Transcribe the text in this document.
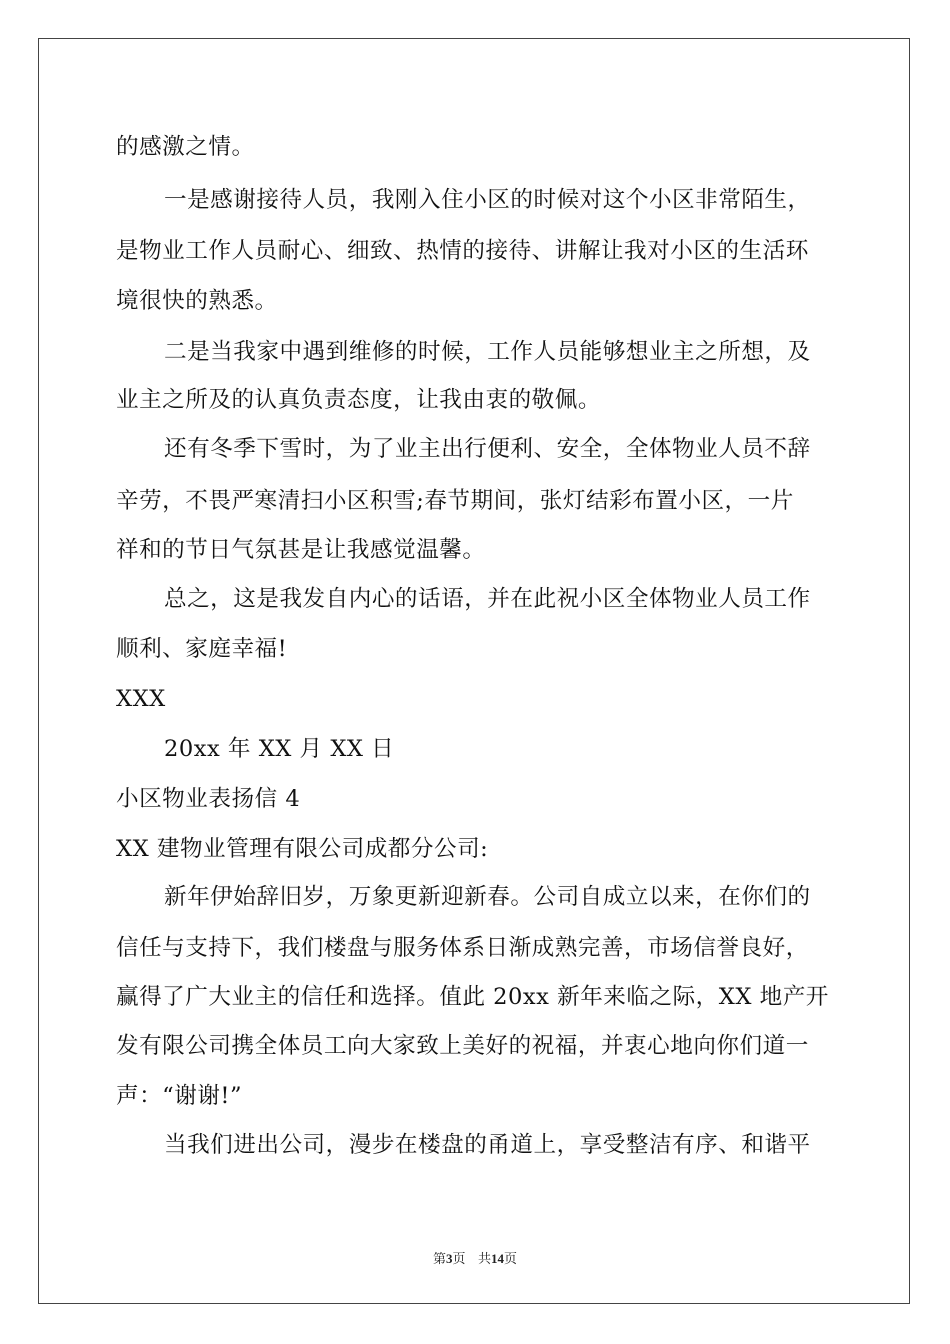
的感激之情。
一是感谢接待人员，我刚入住小区的时候对这个小区非常陌生，
是物业工作人员耐心、细致、热情的接待、讲解让我对小区的生活环
境很快的熟悉。
二是当我家中遇到维修的时候，工作人员能够想业主之所想，及
业主之所及的认真负责态度，让我由衷的敬佩。
还有冬季下雪时，为了业主出行便利、安全，全体物业人员不辞
辛劳，不畏严寒清扫小区积雪;春节期间，张灯结彩布置小区，一片
祥和的节日气氛甚是让我感觉温馨。
总之，这是我发自内心的话语，并在此祝小区全体物业人员工作
顺利、家庭幸福!
XXX
20xx 年 XX 月 XX 日
小区物业表扬信 4
XX 建物业管理有限公司成都分公司:
新年伊始辞旧岁，万象更新迎新春。公司自成立以来，在你们的
信任与支持下，我们楼盘与服务体系日渐成熟完善，市场信誉良好，
赢得了广大业主的信任和选择。值此 20xx 新年来临之际，XX 地产开
发有限公司携全体员工向大家致上美好的祝福，并衷心地向你们道一
声：“谢谢!”
当我们进出公司，漫步在楼盘的甬道上，享受整洁有序、和谐平
第3页   共14页
